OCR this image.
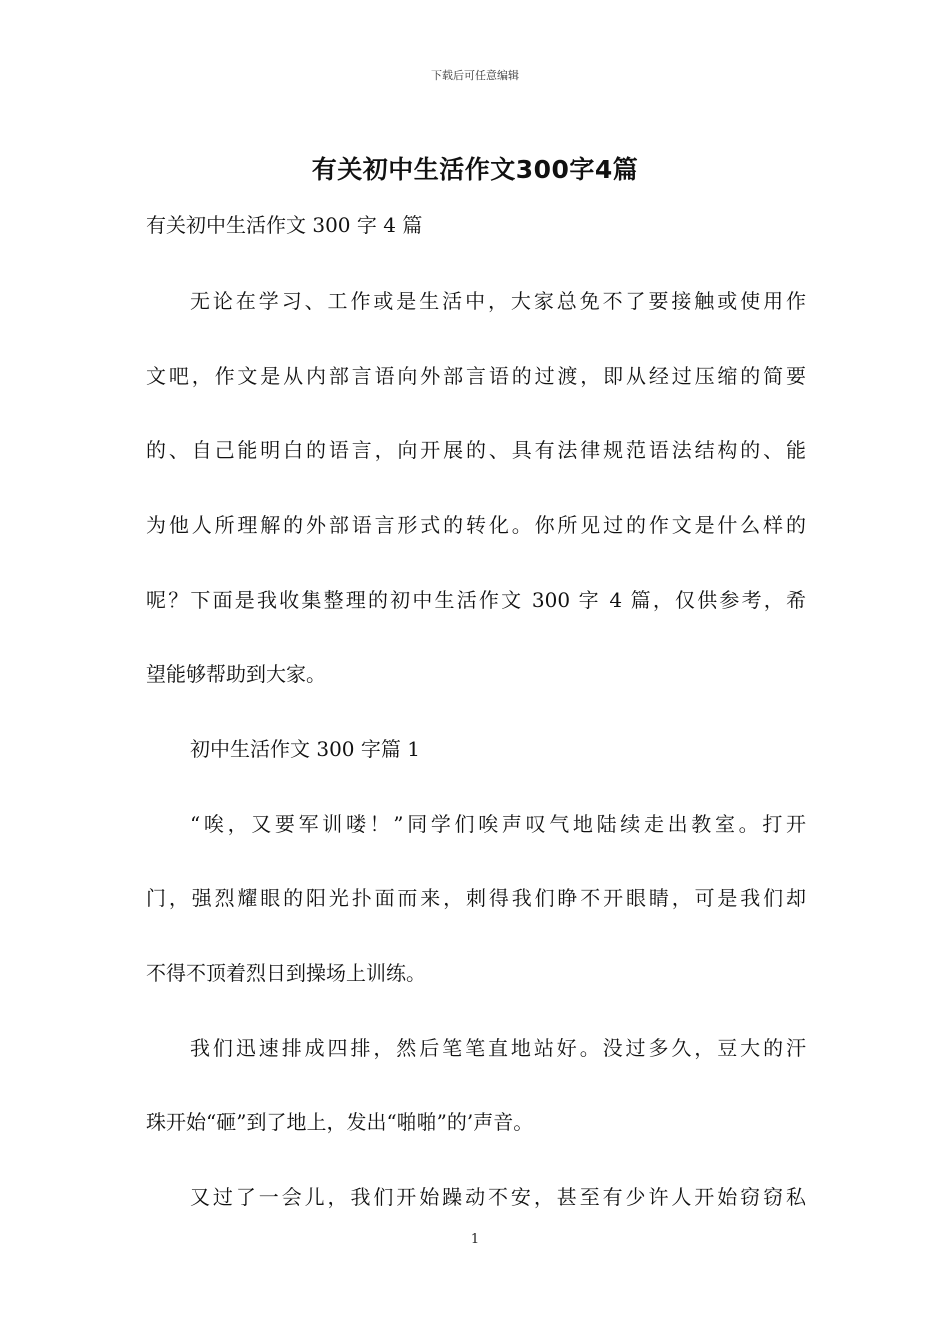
下载后可任意编辑
有关初中生活作文300字4篇
有关初中生活作文 300 字 4 篇
无论在学习、工作或是生活中，大家总免不了要接触或使用作
文吧，作文是从内部言语向外部言语的过渡，即从经过压缩的简要
的、自己能明白的语言，向开展的、具有法律规范语法结构的、能
为他人所理解的外部语言形式的转化。你所见过的作文是什么样的
呢？下面是我收集整理的初中生活作文 300 字 4 篇，仅供参考，希
望能够帮助到大家。
初中生活作文 300 字篇 1
“唉，又要军训喽！”同学们唉声叹气地陆续走出教室。打开
门，强烈耀眼的阳光扑面而来，刺得我们睁不开眼睛，可是我们却
不得不顶着烈日到操场上训练。
我们迅速排成四排，然后笔笔直地站好。没过多久，豆大的汗
珠开始“砸”到了地上，发出“啪啪”的’声音。
又过了一会儿，我们开始躁动不安，甚至有少许人开始窃窃私
1
